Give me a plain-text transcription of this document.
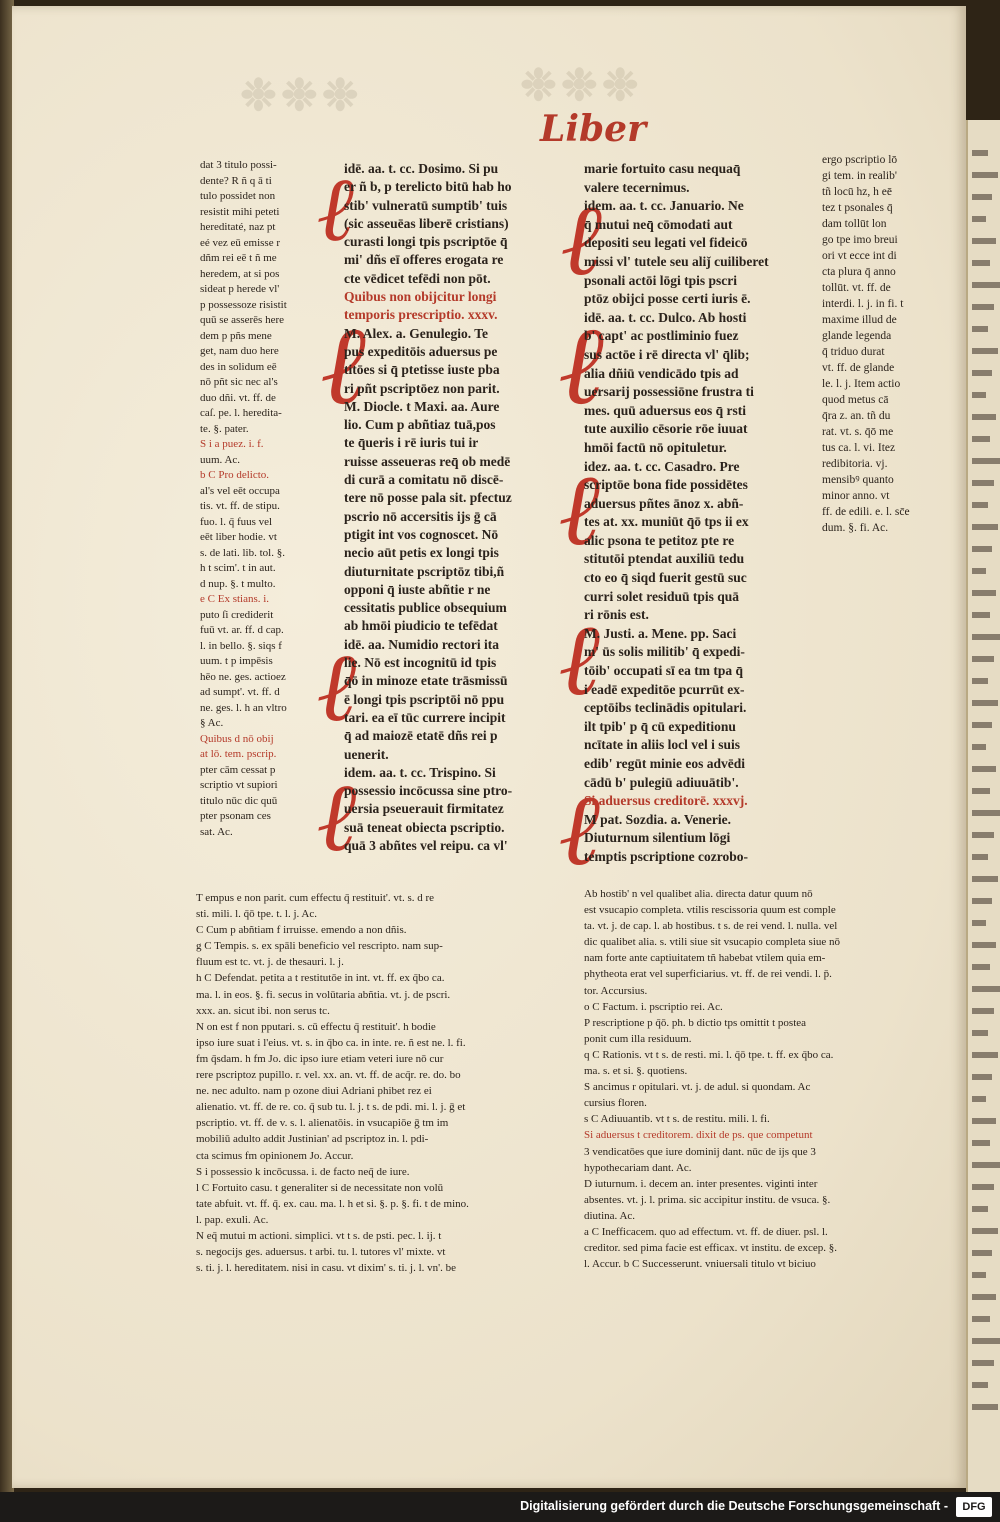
❉❉❉	❉❉❉
Liber
dat 3 titulo possi-
dente? R ñ q ā ti
tulo possidet non
resistit mihi peteti
hereditaté, naz pt
eé vez eū emisse r
dñm rei eē t ñ me
heredem, at si pos
sideat p herede vl'
p possessoze risistit
quū se asserēs here
dem p pñs mene
get, nam duo here
des in solidum eē
nō pñt sic nec al's
duo dñi. vt. ff. de
caſ. pe. l. heredita-
te. §. pater.
S i a puez. i. f.
uum. Ac.
b C Pro delicto.
al's vel eēt occupa
tis. vt. ff. de stipu.
fuo. l. q̄ fuus vel
eēt liber hodie. vt
s. de lati. lib. tol. §.
h t scim'. t in aut.
d nup. §. t multo.
e C Ex stians. i.
puto ſi crediderit
fuū vt. ar. ff. d cap.
l. in bello. §. siqs f
uum. t p impēsis
hēo ne. ges. actioez
ad sumpt'. vt. ff. d
ne. ges. l. h an vltro
§ Ac.
Quibus d nō obij
at lō. tem. pscrip.
pter cām cessat p
scriptio vt supiori
titulo nūc dic quū
pter psonam ces
sat. Ac.
ℓ
ℓ
ℓ
ℓ
idē. aa. t. cc. Dosimo. Si pu
er ñ b, p terelicto bitū hab ho
stib' vulneratū sumptib' tuis
(sic asseuēas liberē cristians)
curasti longi tpis pscriptōe q̄
mi' dñs eī offeres erogata re
cte vēdicet tefēdi non pōt.
Quibus non obijcitur longi
temporis prescriptio. xxxv.
M. Alex. a. Genulegio. Te
pus expeditōis aduersus pe
titōes si q̄ ptetisse iuste pba
ri pñt pscriptōez non parit.
M. Diocle. t Maxi. aa. Aure
lio. Cum p abñtiaz tuā,pos
te q̄ueris i rē iuris tui ir
ruisse asseueras req̄ ob medē
di curā a comitatu nō discē-
tere nō posse pala sit. pfectuz
pscrio nō accersitis ijs ḡ cā
ptigit int vos cognoscet. Nō
necio aūt petis ex longi tpis
diuturnitate pscriptōz tibi,ñ
opponi q̄ iuste abñtie r ne
cessitatis publice obsequium
ab hmōi piudicio te tefēdat
idē. aa. Numidio rectori ita
lie. Nō est incognitū id tpis
q̄ō in minoze etate trāsmissū
ē longi tpis pscriptōi nō ppu
tari. ea eī tūc currere incipit
q̄ ad maiozē etatē dñs rei p
uenerit.
idem. aa. t. cc. Trispino. Si
possessio incōcussa sine ptro-
uersia pseuerauit firmitatez
suā teneat obiecta pscriptio.
quā 3 abñtes vel reipu. ca vl'
ℓ
ℓ
ℓ
ℓ
ℓ
marie fortuito casu nequaq̄
valere tecernimus.
idem. aa. t. cc. Januario. Ne
q̄ mutui neq̄ cōmodati aut
depositi seu legati vel fideicō
missi vl' tutele seu aliǰ cuiliberet
psonali actōi lōgi tpis pscri
ptōz obijci posse certi iuris ē.
idē. aa. t. cc. Dulco. Ab hosti
b' capt' ac postliminio fuez
sus actōe i rē directa vl' q̄lib;
alia dñiū vendicādo tpis ad
uersarij possessiōne frustra ti
mes. quū aduersus eos q̄ rsti
tute auxilio cēsorie rōe iuuat
hmōi factū nō opituletur.
idez. aa. t. cc. Casadro. Pre
scriptōe bona fide possidētes
aduersus pñtes ānoz x. abñ-
tes at. xx. muniūt q̄ō tps ii ex
alic psona te petitoz pte re
stitutōi ptendat auxiliū tedu
cto eo q̄ siqd fuerit gestū suc
curri solet residuū tpis quā
ri rōnis est.
M. Justi. a. Mene. pp. Saci
m' ūs solis militib' q̄ expedi-
tōib' occupati sī ea tm tpa q̄
i eadē expeditōe pcurrūt ex-
ceptōibs teclinādis opitulari.
ilt tpib' p q̄ cū expeditionu
ncītate in aliis locl vel i suis
edib' regūt minie eos advēdi
cādū b' pulegiū adiuuātib'.
Si aduersus creditorē. xxxvj.
M pat. Sozdia. a. Venerie.
Diuturnum silentium lōgi
temptis pscriptione cozrobo-
ergo pscriptio lō
gi tem. in realib'
tñ locū hz, h eē
tez t psonales q̄
dam tollūt lon
go tpe imo breui
ori vt ecce int di
cta plura q̄ anno
tollūt. vt. ff. de
interdi. l. j. in fi. t
maxime illud de
glande legenda
q̄ triduo durat
vt. ff. de glande
le. l. j. Item actio
quod metus cā
q̄ra z. an. tñ du
rat. vt. s. q̄ō me
tus ca. l. vi. Itez
redibitoria. vj.
mensibꝰ quanto
minor anno. vt
ff. de edili. e. l. sc̄e
dum. §. fi. Ac.
T empus e non parit. cum effectu q̄ restituit'. vt. s. d re
sti. mili. l. q̄ō tpe. t. l. j. Ac.
C Cum p abñtiam f irruisse. emendo a non dñis.
g C Tempis. s. ex spāli beneficio vel rescripto. nam sup-
fluum est tc. vt. j. de thesauri. l. j.
h C Defendat. petita a t restitutōe in int. vt. ff. ex q̄bo ca.
ma. l. in eos. §. fi. secus in volūtaria abñtia. vt. j. de pscri.
xxx. an. sicut ibi. non serus tc.
N on est f non pputari. s. cū effectu q̄ restituit'. h bodie
ipso iure suat i l'eius. vt. s. in q̄bo ca. in inte. re. ñ est ne. l. fi.
fm q̄sdam. h fm Jo. dic ipso iure etiam veteri iure nō cur
rere pscriptoz pupillo. r. vel. xx. an. vt. ff. de acq̄r. re. do. bo
ne. nec adulto. nam p ozone diui Adriani phibet rez ei
alienatio. vt. ff. de re. co. q̄ sub tu. l. j. t s. de pdi. mi. l. j. ḡ et
pscriptio. vt. ff. de v. s. l. alienatōis. in vsucapiōe ḡ tm im
mobiliū adulto addit Justinian' ad pscriptoz in. l. pdi-
cta scimus fm opinionem Jo. Accur.
S i possessio k incōcussa. i. de facto neq̄ de iure.
l C Fortuito casu. t generaliter si de necessitate non volū
tate abfuit. vt. ff. q̄. ex. cau. ma. l. h et si. §. p. §. fi. t de mino.
l. pap. exuli. Ac.
N eq̄ mutui m actioni. simplici. vt t s. de psti. pec. l. ij. t
s. negocijs ges. aduersus. t arbi. tu. l. tutores vl' mixte. vt
s. ti. j. l. hereditatem. nisi in casu. vt dixim' s. ti. j. l. vn'. be
Ab hostib' n vel qualibet alia. directa datur quum nō
est vsucapio completa. vtilis rescissoria quum est comple
ta. vt. j. de cap. l. ab hostibus. t s. de rei vend. l. nulla. vel
dic qualibet alia. s. vtili siue sit vsucapio completa siue nō
nam forte ante captiuitatem tñ habebat vtilem quia em-
phytheota erat vel superficiarius. vt. ff. de rei vendi. l. p̄.
tor. Accursius.
o C Factum. i. pscriptio rei. Ac.
P rescriptione p q̄ō. ph. b dictio tps omittit t postea
ponit cum illa residuum.
q C Rationis. vt t s. de resti. mi. l. q̄ō tpe. t. ff. ex q̄bo ca.
ma. s. et si. §. quotiens.
S ancimus r opitulari. vt. j. de adul. si quondam. Ac
cursius floren.
s C Adiuuantib. vt t s. de restitu. mili. l. fi.
Si aduersus t creditorem. dixit de ps. que competunt
3 vendicatōes que iure dominij dant. nūc de ijs que 3
hypothecariam dant. Ac.
D iuturnum. i. decem an. inter presentes. viginti inter
absentes. vt. j. l. prima. sic accipitur institu. de vsuca. §.
diutina. Ac.
a C Inefficacem. quo ad effectum. vt. ff. de diuer. psl. l.
creditor. sed pima facie est efficax. vt institu. de excep. §.
l. Accur. b C Successerunt. vniuersali titulo vt biciuo
Digitalisierung gefördert durch die Deutsche Forschungsgemeinschaft -	DFG
